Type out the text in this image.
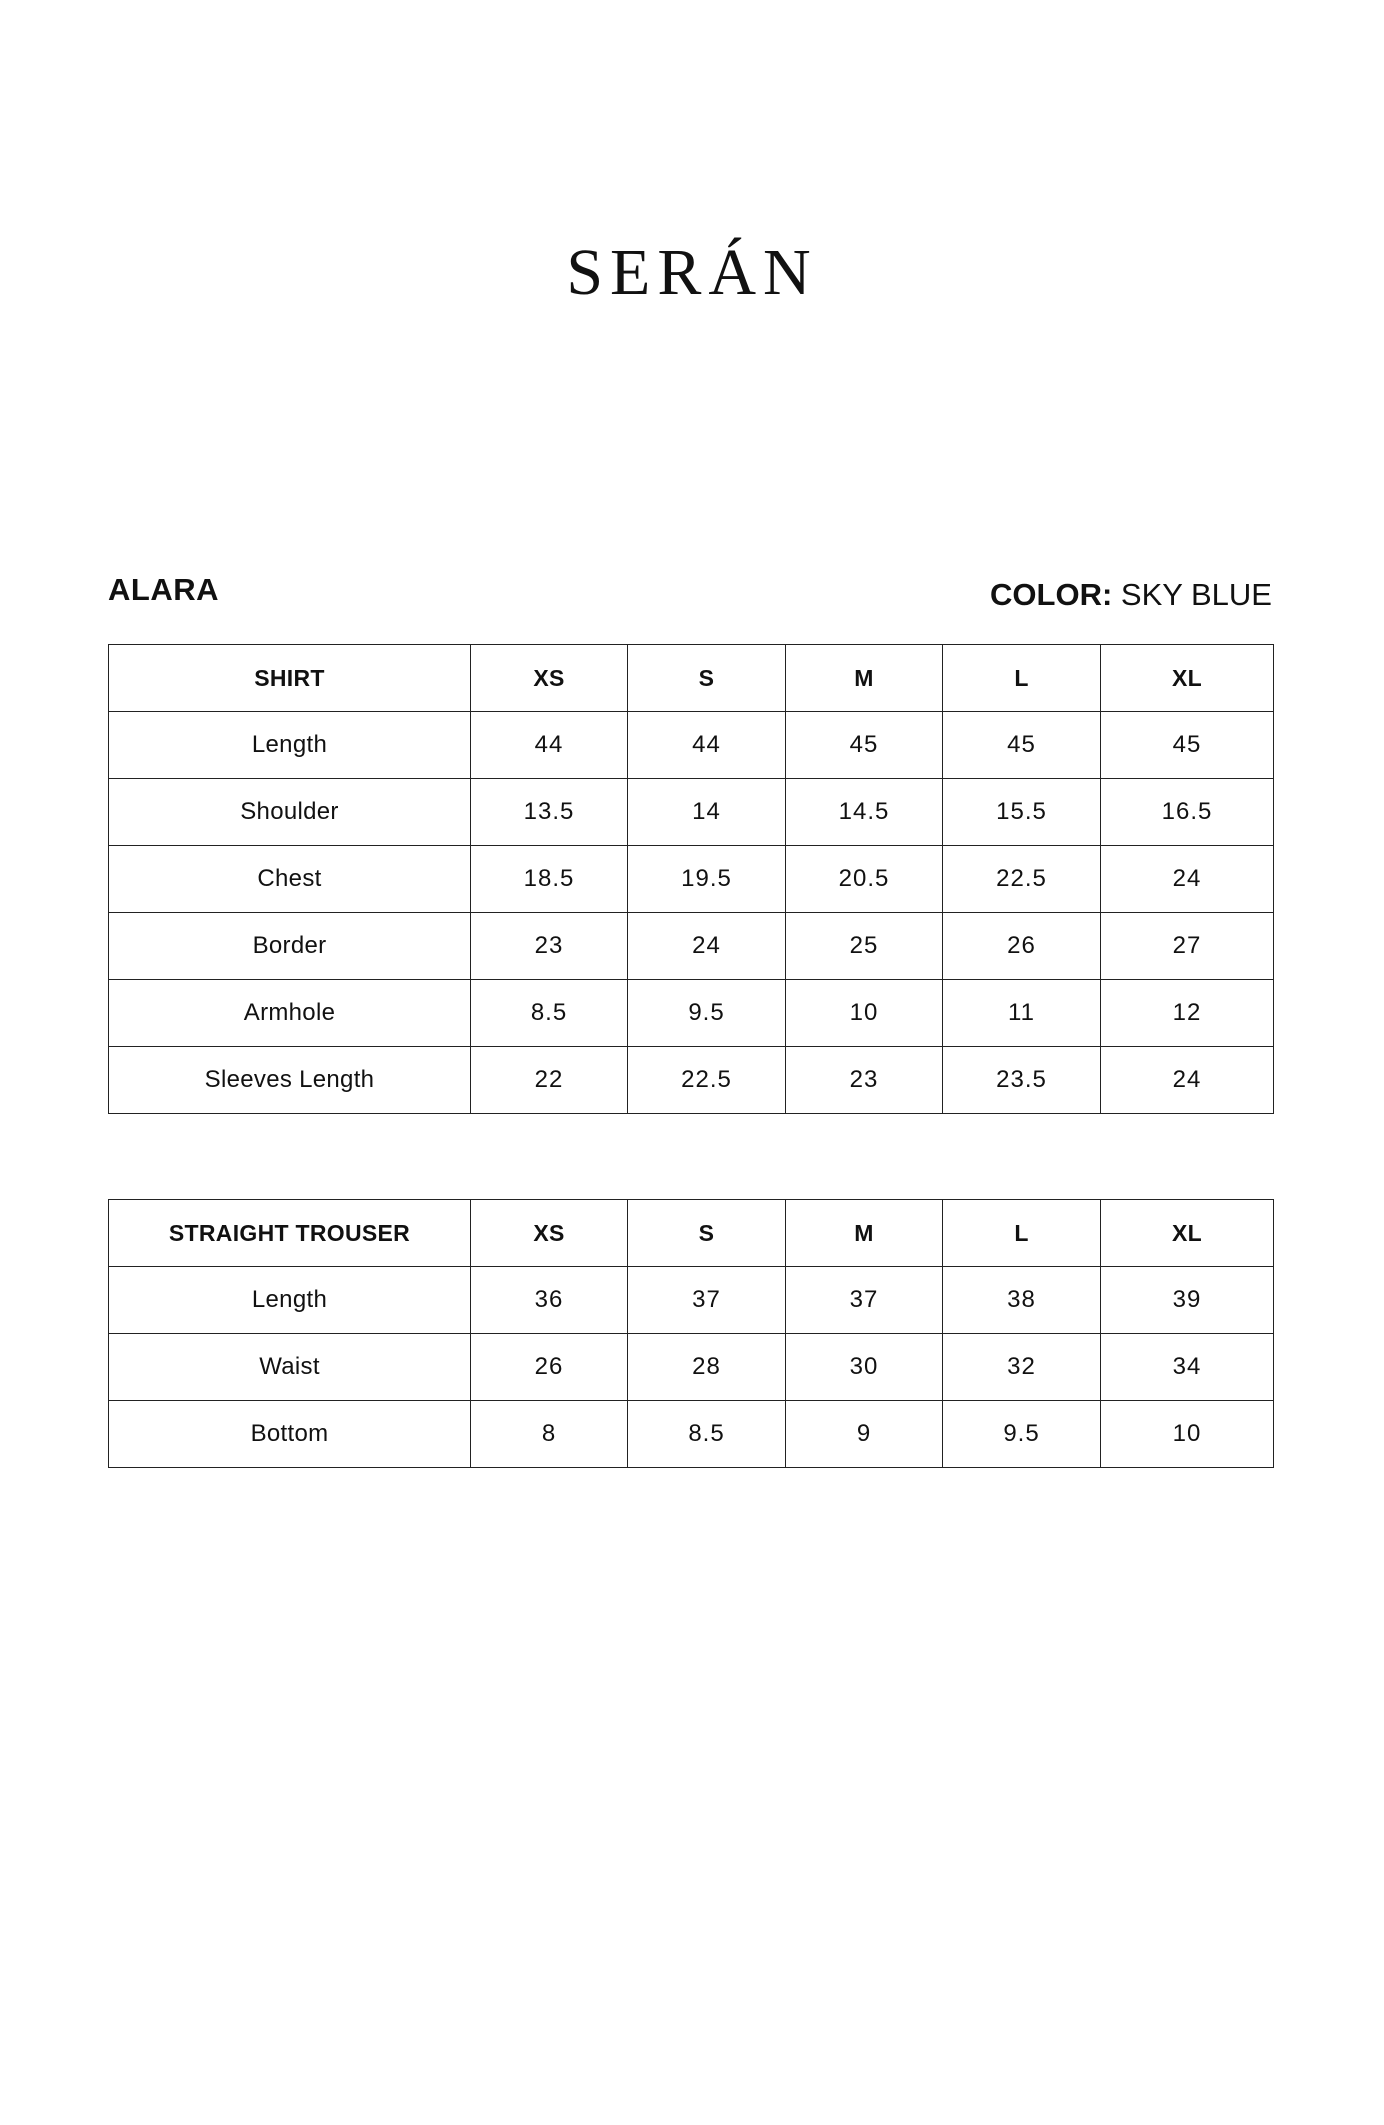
SERÁN
ALARA	COLOR: SKY BLUE
SHIRT	XS	S	M	L	XL
Length	44	44	45	45	45
Shoulder	13.5	14	14.5	15.5	16.5
Chest	18.5	19.5	20.5	22.5	24
Border	23	24	25	26	27
Armhole	8.5	9.5	10	11	12
Sleeves Length	22	22.5	23	23.5	24
STRAIGHT TROUSER	XS	S	M	L	XL
Length	36	37	37	38	39
Waist	26	28	30	32	34
Bottom	8	8.5	9	9.5	10
